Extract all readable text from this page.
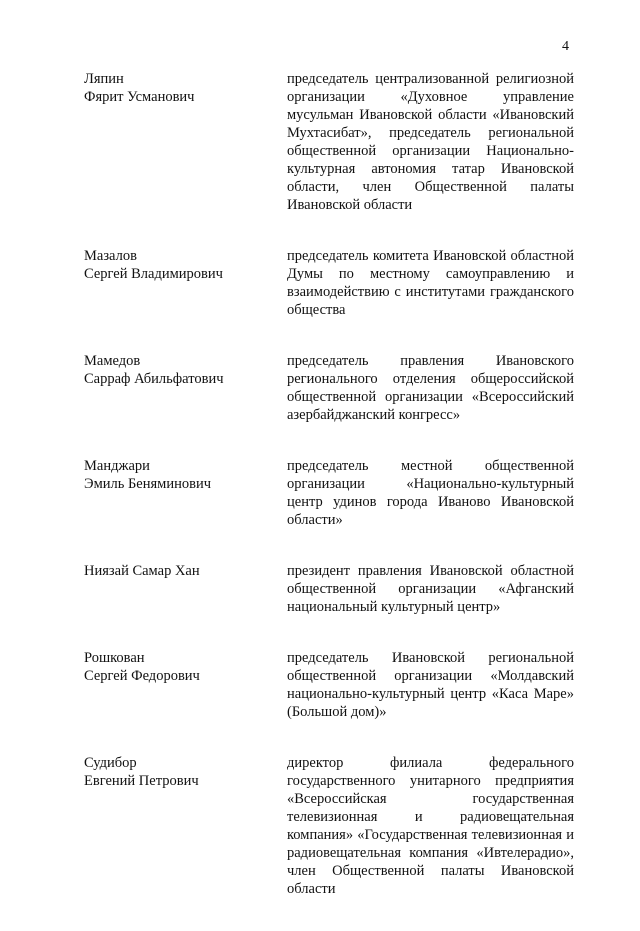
4
Ляпин
Фярит Усманович
председатель централизованной религиозной организации «Духовное управление мусульман Ивановской области «Ивановский Мухтасибат», председатель региональной общественной организации Национально-культурная автономия татар Ивановской области, член Общественной палаты Ивановской области
Мазалов
Сергей Владимирович
председатель комитета Ивановской областной Думы по местному самоуправлению и взаимодействию с институтами гражданского общества
Мамедов
Сарраф Абильфатович
председатель правления Ивановского регионального отделения общероссийской общественной организации «Всероссийский азербайджанский конгресс»
Манджари
Эмиль Беняминович
председатель местной общественной организации «Национально-культурный центр удинов города Иваново Ивановской области»
Ниязай Самар Хан	президент правления Ивановской областной общественной организации «Афганский национальный культурный центр»
Рошкован
Сергей Федорович
председатель Ивановской региональной общественной организации «Молдавский национально-культурный центр «Каса Маре» (Большой дом)»
Судибор
Евгений Петрович
директор филиала федерального государственного унитарного предприятия «Всероссийская государственная телевизионная и радиовещательная компания» «Государственная телевизионная и радиовещательная компания «Ивтелерадио», член Общественной палаты Ивановской области
